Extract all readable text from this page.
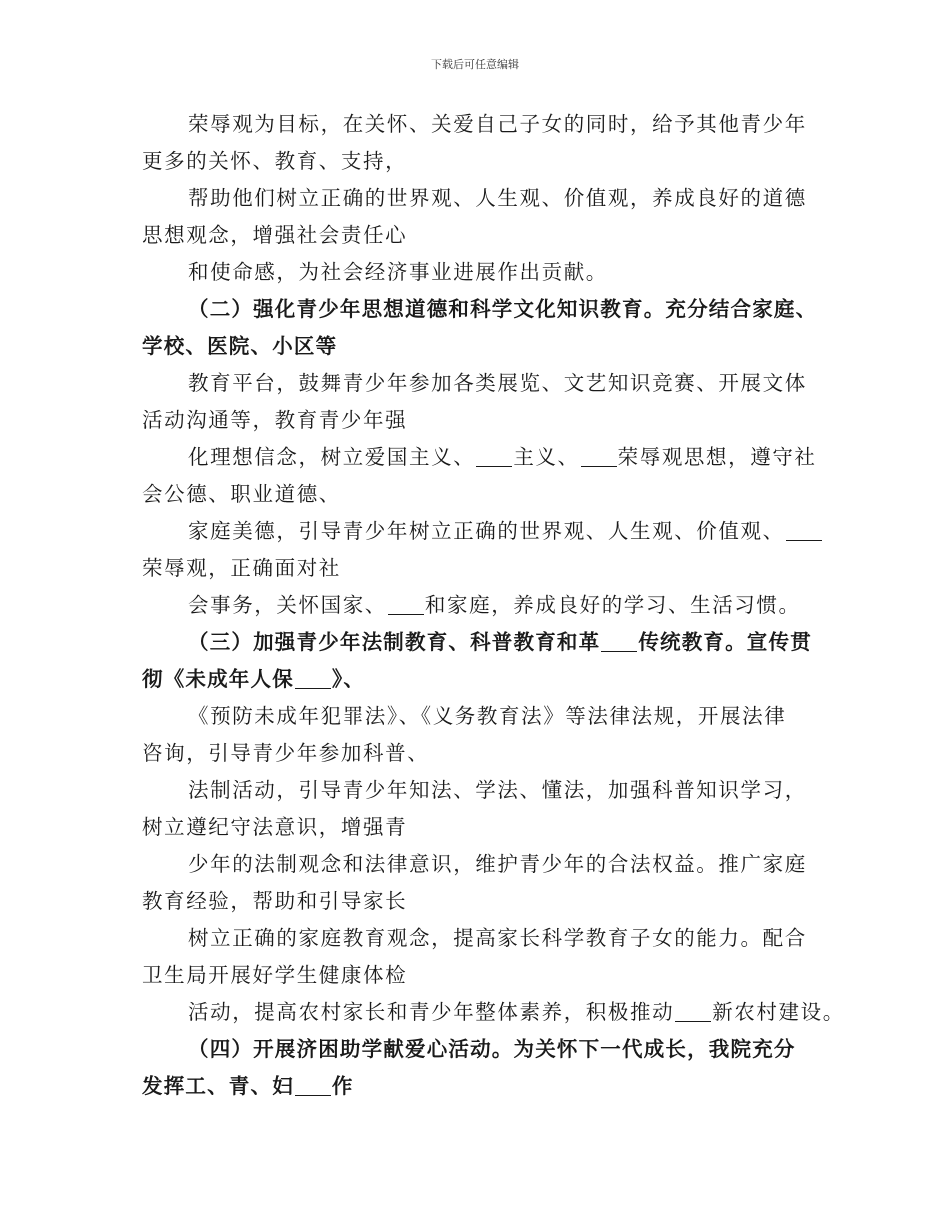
下载后可任意编辑
荣辱观为目标，在关怀、关爱自己子女的同时，给予其他青少年
更多的关怀、教育、支持，
帮助他们树立正确的世界观、人生观、价值观，养成良好的道德
思想观念，增强社会责任心
和使命感，为社会经济事业进展作出贡献。
（二）强化青少年思想道德和科学文化知识教育。充分结合家庭、
学校、医院、小区等
教育平台，鼓舞青少年参加各类展览、文艺知识竞赛、开展文体
活动沟通等，教育青少年强
化理想信念，树立爱国主义、 主义、 荣辱观思想，遵守社
会公德、职业道德、
家庭美德，引导青少年树立正确的世界观、人生观、价值观、
荣辱观，正确面对社
会事务，关怀国家、 和家庭，养成良好的学习、生活习惯。
（三）加强青少年法制教育、科普教育和革 传统教育。宣传贯
彻《未成年人保 》、
《预防未成年犯罪法》、《义务教育法》等法律法规，开展法律
咨询，引导青少年参加科普、
法制活动，引导青少年知法、学法、懂法，加强科普知识学习，
树立遵纪守法意识，增强青
少年的法制观念和法律意识，维护青少年的合法权益。推广家庭
教育经验，帮助和引导家长
树立正确的家庭教育观念，提高家长科学教育子女的能力。配合
卫生局开展好学生健康体检
活动，提高农村家长和青少年整体素养，积极推动 新农村建设。
（四）开展济困助学献爱心活动。为关怀下一代成长，我院充分
发挥工、青、妇 作
